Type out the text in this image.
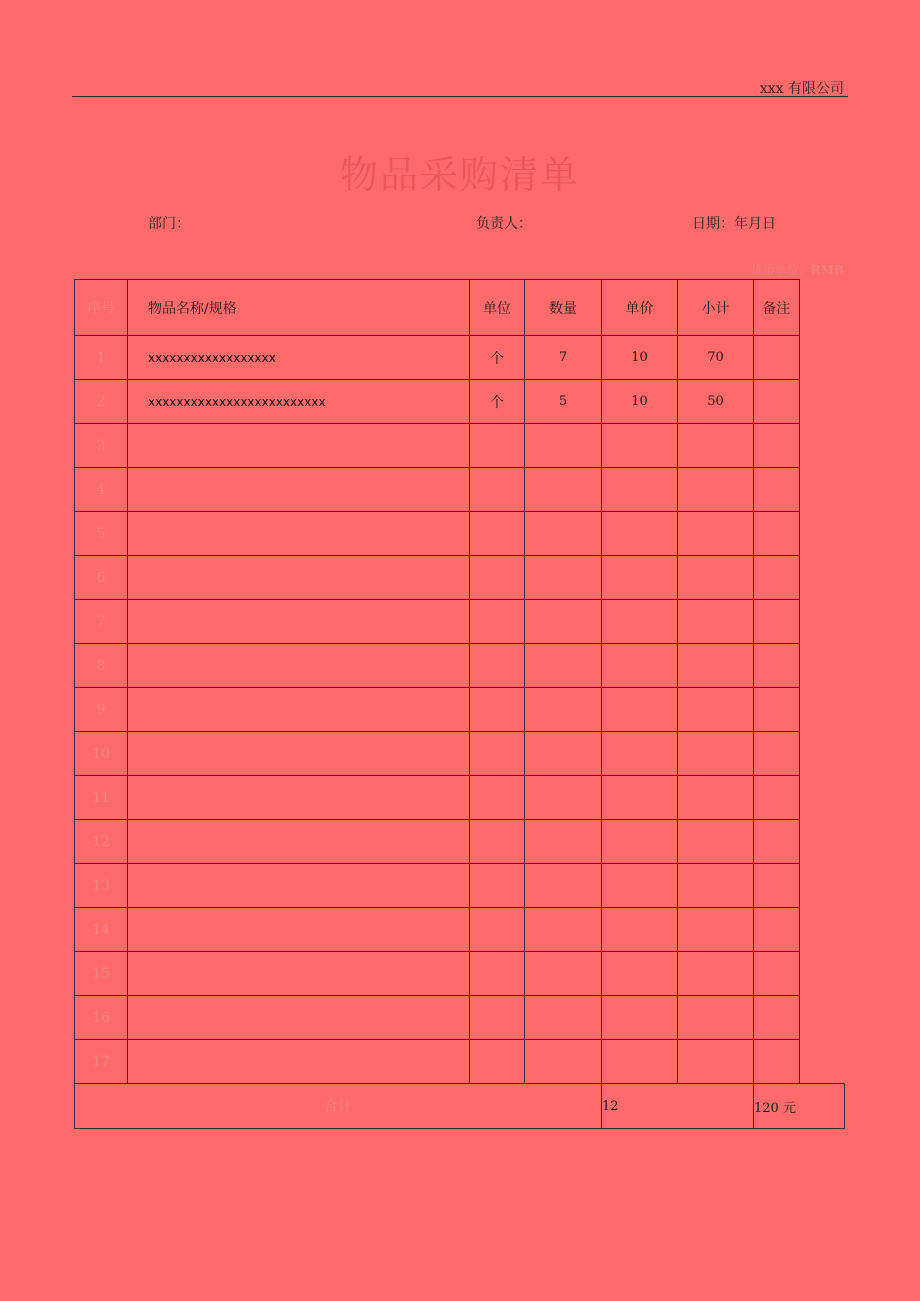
xxx 有限公司
物品采购清单
部门：	负责人：	日期：年月日
货币单位：RMB
序号	物品名称/规格	单位	数量	单价	小计	备注
1	xxxxxxxxxxxxxxxxxx	个	7	10	70	
2	xxxxxxxxxxxxxxxxxxxxxxxxx	个	5	10	50	
3						
4						
5						
6						
7						
8						
9						
10						
11						
12						
13						
14						
15						
16						
17						
合计				12		120 元
